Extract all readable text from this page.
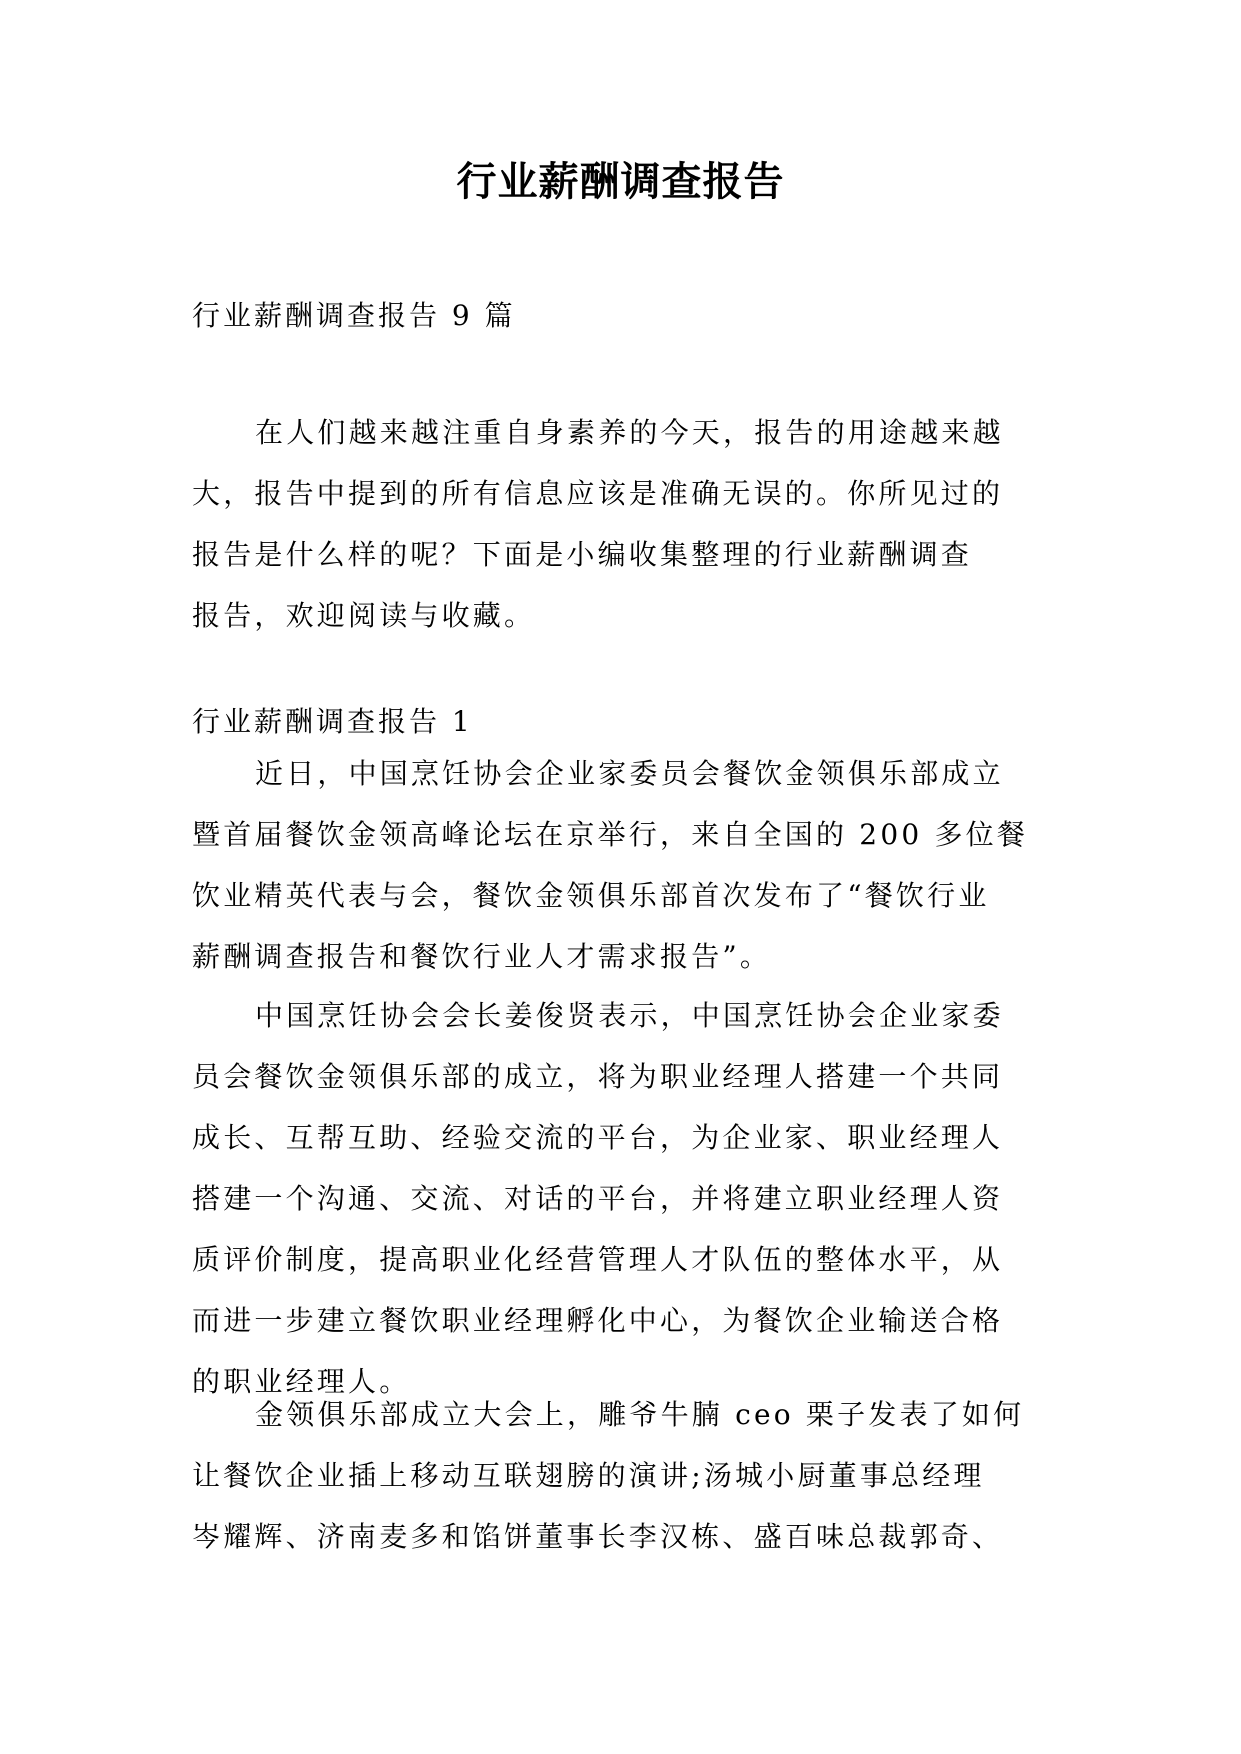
行业薪酬调查报告

行业薪酬调查报告 9 篇

在人们越来越注重自身素养的今天，报告的用途越来越
大，报告中提到的所有信息应该是准确无误的。你所见过的
报告是什么样的呢？下面是小编收集整理的行业薪酬调查
报告，欢迎阅读与收藏。

行业薪酬调查报告 1

近日，中国烹饪协会企业家委员会餐饮金领俱乐部成立
暨首届餐饮金领高峰论坛在京举行，来自全国的 200 多位餐
饮业精英代表与会，餐饮金领俱乐部首次发布了“餐饮行业
薪酬调查报告和餐饮行业人才需求报告”。
中国烹饪协会会长姜俊贤表示，中国烹饪协会企业家委
员会餐饮金领俱乐部的成立，将为职业经理人搭建一个共同
成长、互帮互助、经验交流的平台，为企业家、职业经理人
搭建一个沟通、交流、对话的平台，并将建立职业经理人资
质评价制度，提高职业化经营管理人才队伍的整体水平，从
而进一步建立餐饮职业经理孵化中心，为餐饮企业输送合格
的职业经理人。
金领俱乐部成立大会上，雕爷牛腩 ceo 栗子发表了如何
让餐饮企业插上移动互联翅膀的演讲;汤城小厨董事总经理
岑耀辉、济南麦多和馅饼董事长李汉栋、盛百味总裁郭奇、
